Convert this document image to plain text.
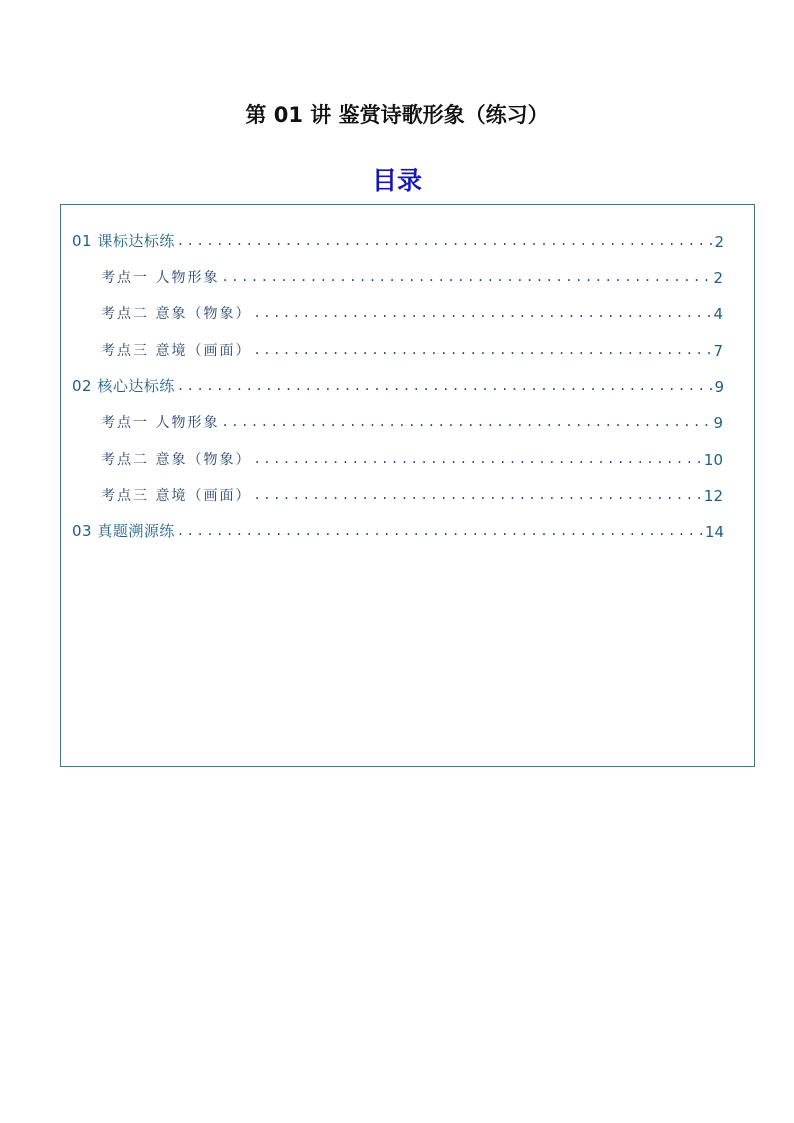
第 01 讲 鉴赏诗歌形象（练习）
目录
01 课标达标练 .....	2
考点一 人物形象 .....	2
考点二 意象（物象） .....	4
考点三 意境（画面） .....	7
02 核心达标练 .....	9
考点一 人物形象 .....	9
考点二 意象（物象） .....	10
考点三 意境（画面） .....	12
03 真题溯源练 .....	14
